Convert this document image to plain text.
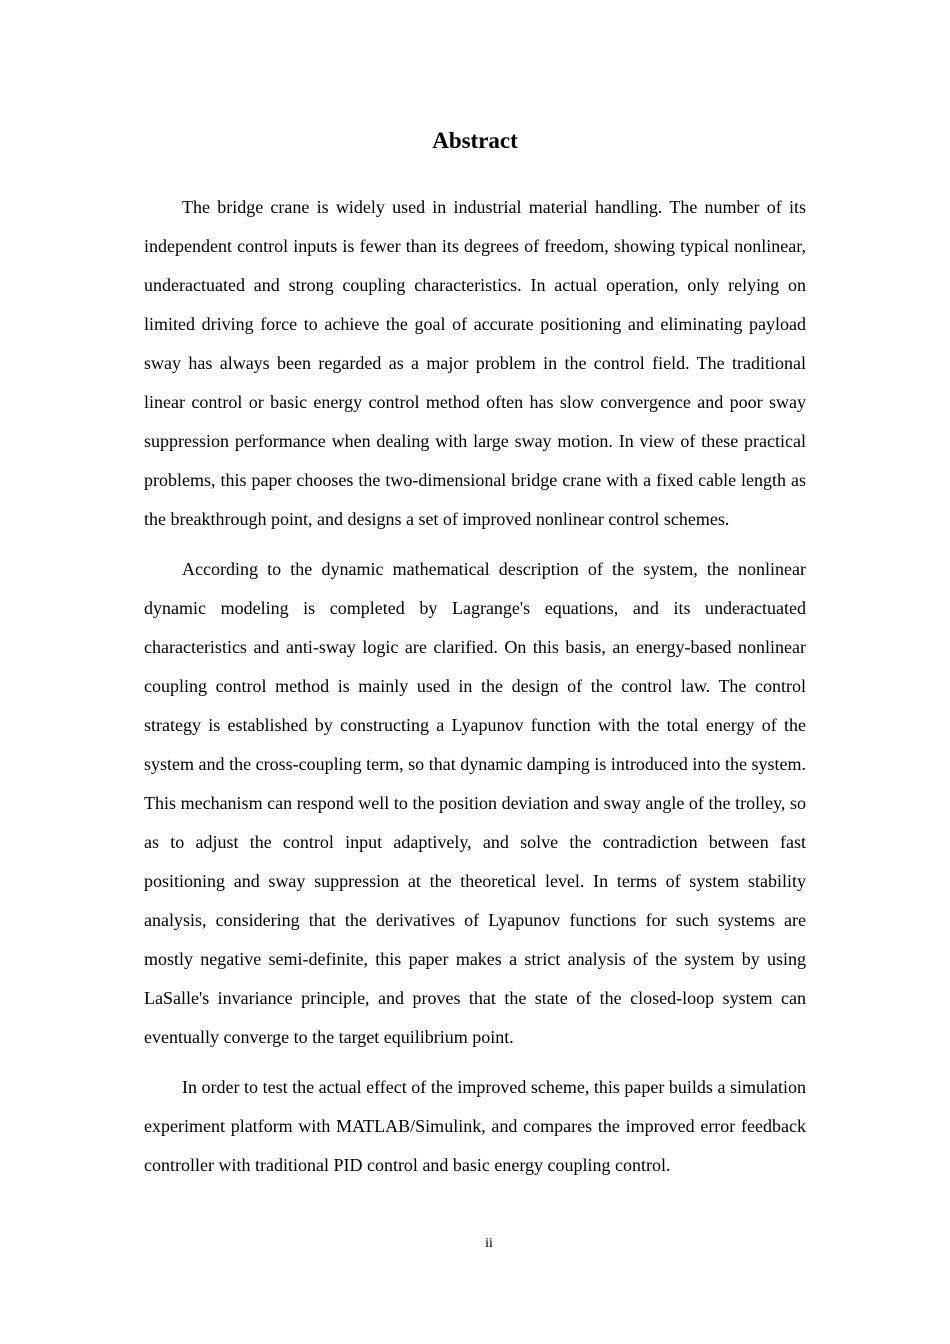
Abstract

The bridge crane is widely used in industrial material handling. The number of its independent control inputs is fewer than its degrees of freedom, showing typical nonlinear, underactuated and strong coupling characteristics. In actual operation, only relying on limited driving force to achieve the goal of accurate positioning and eliminating payload sway has always been regarded as a major problem in the control field. The traditional linear control or basic energy control method often has slow convergence and poor sway suppression performance when dealing with large sway motion. In view of these practical problems, this paper chooses the two-dimensional bridge crane with a fixed cable length as the breakthrough point, and designs a set of improved nonlinear control schemes.

According to the dynamic mathematical description of the system, the nonlinear dynamic modeling is completed by Lagrange's equations, and its underactuated characteristics and anti-sway logic are clarified. On this basis, an energy-based nonlinear coupling control method is mainly used in the design of the control law. The control strategy is established by constructing a Lyapunov function with the total energy of the system and the cross-coupling term, so that dynamic damping is introduced into the system. This mechanism can respond well to the position deviation and sway angle of the trolley, so as to adjust the control input adaptively, and solve the contradiction between fast positioning and sway suppression at the theoretical level. In terms of system stability analysis, considering that the derivatives of Lyapunov functions for such systems are mostly negative semi-definite, this paper makes a strict analysis of the system by using LaSalle's invariance principle, and proves that the state of the closed-loop system can eventually converge to the target equilibrium point.

In order to test the actual effect of the improved scheme, this paper builds a simulation experiment platform with MATLAB/Simulink, and compares the improved error feedback controller with traditional PID control and basic energy coupling control.

ii
